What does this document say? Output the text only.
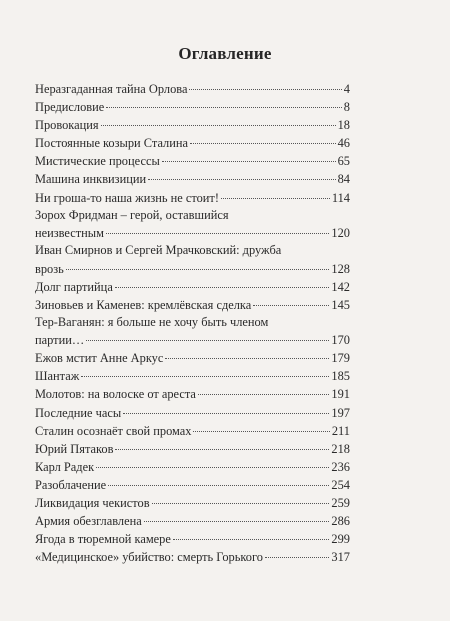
Оглавление
Неразгаданная тайна Орлова	4
Предисловие	8
Провокация	18
Постоянные козыри Сталина	46
Мистические процессы	65
Машина инквизиции	84
Ни гроша-то наша жизнь не стоит!	114
Зорох Фридман – герой, оставшийся
неизвестным	120
Иван Смирнов и Сергей Мрачковский: дружба
врозь	128
Долг партийца	142
Зиновьев и Каменев: кремлёвская сделка	145
Тер-Ваганян: я больше не хочу быть членом
партии…	170
Ежов мстит Анне Аркус	179
Шантаж	185
Молотов: на волоске от ареста	191
Последние часы	197
Сталин осознаёт свой промах	211
Юрий Пятаков	218
Карл Радек	236
Разоблачение	254
Ликвидация чекистов	259
Армия обезглавлена	286
Ягода в тюремной камере	299
«Медицинское» убийство: смерть Горького	317
